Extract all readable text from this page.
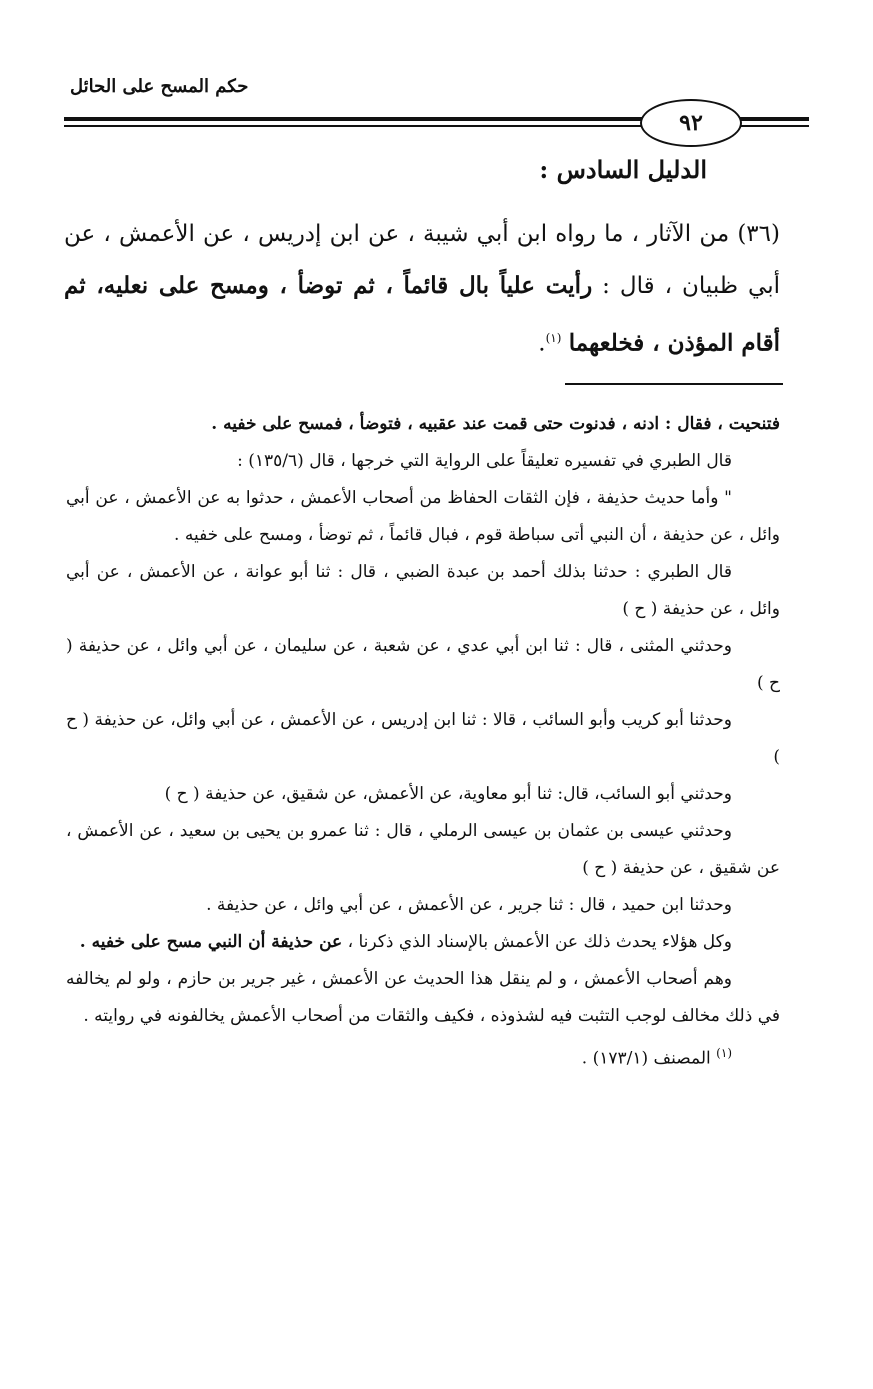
حكم المسح على الحائل
٩٢
الدليل السادس :
(٣٦) من الآثار ، ما رواه ابن أبي شيبة ، عن ابن إدريس ، عن الأعمش ، عن أبي ظبيان ، قال : رأيت علياً بال قائماً ، ثم توضأ ، ومسح على نعليه، ثم أقام المؤذن ، فخلعهما $^{(١)}$.

فتنحيت ، فقال : ادنه ، فدنوت حتى قمت عند عقبيه ، فتوضأ ، فمسح على خفيه .

قال الطبري في تفسيره تعليقاً على الرواية التي خرجها ، قال (١٣٥/٦) :

" وأما حديث حذيفة ، فإن الثقات الحفاظ من أصحاب الأعمش ، حدثوا به عن الأعمش ، عن أبي وائل ، عن حذيفة ، أن النبي أتى سباطة قوم ، فبال قائماً ، ثم توضأ ، ومسح على خفيه .

قال الطبري : حدثنا بذلك أحمد بن عبدة الضبي ، قال : ثنا أبو عوانة ، عن الأعمش ، عن أبي وائل ، عن حذيفة ( ح )

وحدثني المثنى ، قال : ثنا ابن أبي عدي ، عن شعبة ، عن سليمان ، عن أبي وائل ، عن حذيفة ( ح )

وحدثنا أبو كريب وأبو السائب ، قالا : ثنا ابن إدريس ، عن الأعمش ، عن أبي وائل، عن حذيفة ( ح )

وحدثني أبو السائب، قال: ثنا أبو معاوية، عن الأعمش، عن شقيق، عن حذيفة ( ح )

وحدثني عيسى بن عثمان بن عيسى الرملي ، قال : ثنا عمرو بن يحيى بن سعيد ، عن الأعمش ، عن شقيق ، عن حذيفة ( ح )

وحدثنا ابن حميد ، قال : ثنا جرير ، عن الأعمش ، عن أبي وائل ، عن حذيفة .

وكل هؤلاء يحدث ذلك عن الأعمش بالإسناد الذي ذكرنا ، عن حذيفة أن النبي مسح على خفيه .

وهم أصحاب الأعمش ، و لم ينقل هذا الحديث عن الأعمش ، غير جرير بن حازم ، ولو لم يخالفه في ذلك مخالف لوجب التثبت فيه لشذوذه ، فكيف والثقات من أصحاب الأعمش يخالفونه في روايته .

$^{(١)}$ المصنف (١٧٣/١) .
